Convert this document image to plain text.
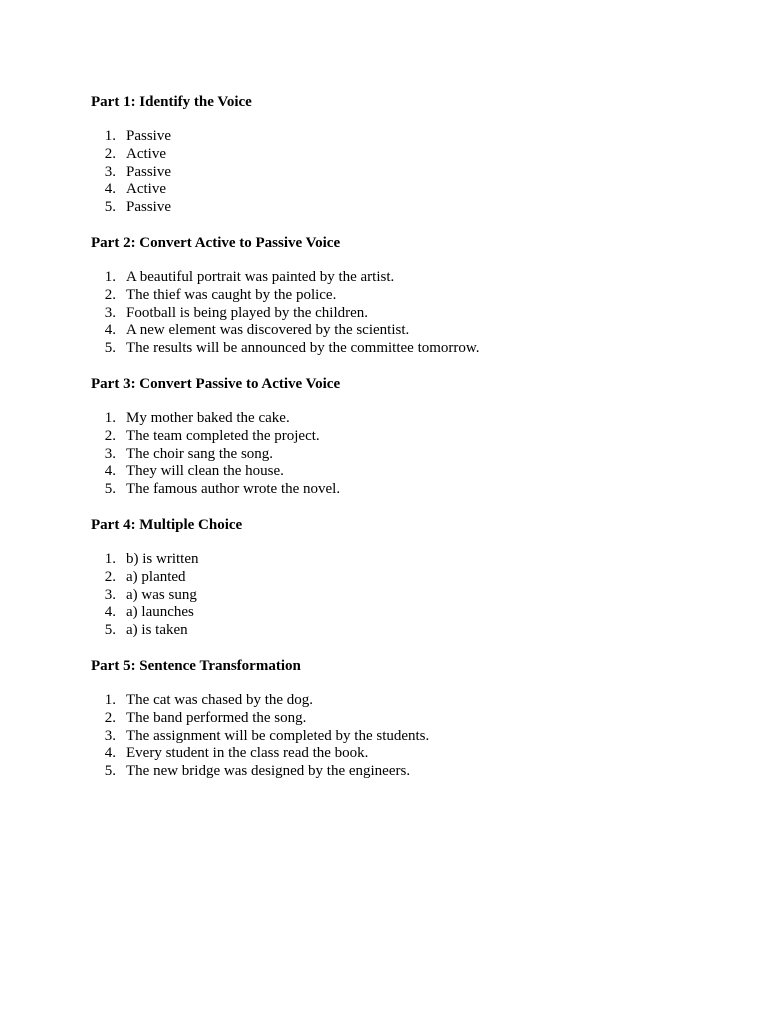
Part 1: Identify the Voice
1. Passive
2. Active
3. Passive
4. Active
5. Passive
Part 2: Convert Active to Passive Voice
1. A beautiful portrait was painted by the artist.
2. The thief was caught by the police.
3. Football is being played by the children.
4. A new element was discovered by the scientist.
5. The results will be announced by the committee tomorrow.
Part 3: Convert Passive to Active Voice
1. My mother baked the cake.
2. The team completed the project.
3. The choir sang the song.
4. They will clean the house.
5. The famous author wrote the novel.
Part 4: Multiple Choice
1. b) is written
2. a) planted
3. a) was sung
4. a) launches
5. a) is taken
Part 5: Sentence Transformation
1. The cat was chased by the dog.
2. The band performed the song.
3. The assignment will be completed by the students.
4. Every student in the class read the book.
5. The new bridge was designed by the engineers.
